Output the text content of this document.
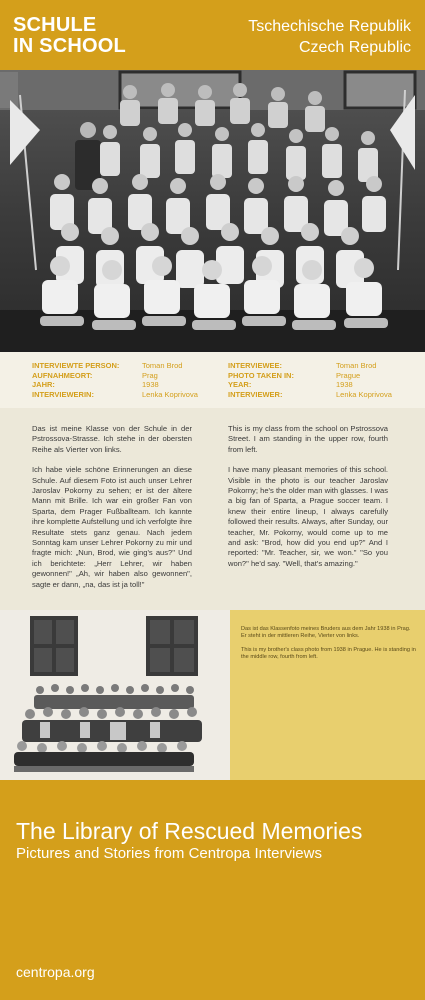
SCHULE
IN SCHOOL
Tschechische Republik
Czech Republic
INTERVIEWTE PERSON:	Toman Brod
AUFNAHMEORT:	Prag
JAHR:	1938
INTERVIEWERIN:	Lenka Koprivova
INTERVIEWEE:	Toman Brod
PHOTO TAKEN IN:	Prague
YEAR:	1938
INTERVIEWER:	Lenka Koprivova

Das ist meine Klasse von der Schule in der Pstrossova-Strasse. Ich stehe in der obersten Reihe als Vierter von links.

Ich habe viele schöne Erinnerungen an diese Schule. Auf diesem Foto ist auch unser Lehrer Jaroslav Pokorny zu sehen; er ist der ältere Mann mit Brille. Ich war ein großer Fan von Sparta, dem Prager Fußballteam. Ich kannte ihre komplette Aufstellung und ich verfolgte ihre Resultate stets ganz genau. Nach jedem Sonntag kam unser Lehrer Pokorny zu mir und fragte mich: „Nun, Brod, wie ging's aus?" Und ich berichtete: „Herr Lehrer, wir haben gewonnen!" „Ah, wir haben also gewonnen", sagte er dann, „na, das ist ja toll!"

This is my class from the school on Pstrossova Street. I am standing in the upper row, fourth from left.

I have many pleasant memories of this school. Visible in the photo is our teacher Jaroslav Pokorny; he's the older man with glasses. I was a big fan of Sparta, a Prague soccer team. I knew their entire lineup, I always carefully followed their results. Always, after Sunday, our teacher, Mr. Pokorny, would come up to me and ask: "Brod, how did you end up?" And I reported: "Mr. Teacher, sir, we won." "So you won?" he'd say. "Well, that's amazing."

Das ist das Klassenfoto meines Bruders aus dem Jahr 1938 in Prag. Er steht in der mittleren Reihe, Vierter von links.
This is my brother's class photo from 1938 in Prague. He is standing in the middle row, fourth from left.
The Library of Rescued Memories
Pictures and Stories from Centropa Interviews
centropa.org
